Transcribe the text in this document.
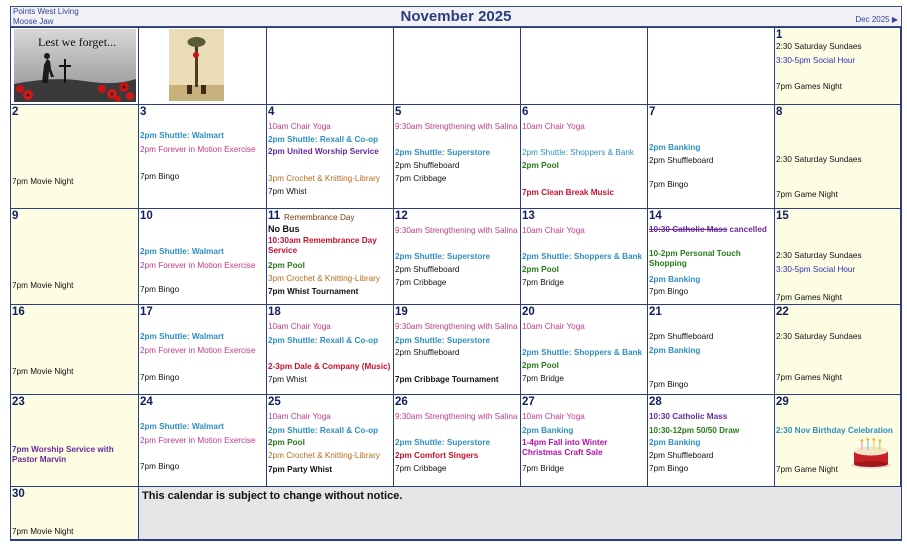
Points West Living
Moose Jaw	November 2025	Dec 2025 ▶
Lest we forget...	1
2:30 Saturday Sundaes
3:30-5pm Social Hour
7pm Games Night
2
7pm Movie Night
3
2pm Shuttle: Walmart
2pm Forever in Motion Exercise
7pm Bingo
4
10am Chair Yoga
2pm Shuttle: Rexall & Co-op
2pm United Worship Service
3pm Crochet & Knitting-Library
7pm Whist
5
9:30am Strengthening with Salina
2pm Shuttle: Superstore
2pm Shuffleboard
7pm Cribbage
6
10am Chair Yoga
2pm Shuttle: Shoppers & Bank
2pm Pool
7pm Clean Break Music
7
2pm Banking
2pm Shuffleboard
7pm Bingo
8
2:30 Saturday Sundaes
7pm Game Night
9
7pm Movie Night
10
2pm Shuttle: Walmart
2pm Forever in Motion Exercise
7pm Bingo
11 Remembrance Day
No Bus
10:30am Remembrance Day Service
2pm Pool
3pm Crochet & Knitting-Library
7pm Whist Tournament
12
9:30am Strengthening with Salina
2pm Shuttle: Superstore
2pm Shuffleboard
7pm Cribbage
13
10am Chair Yoga
2pm Shuttle: Shoppers & Bank
2pm Pool
7pm Bridge
14
10:30 Catholic Mass cancelled
10-2pm Personal Touch Shopping
2pm Banking
7pm Bingo
15
2:30 Saturday Sundaes
3:30-5pm Social Hour
7pm Games Night
16
7pm Movie Night
17
2pm Shuttle: Walmart
2pm Forever in Motion Exercise
7pm Bingo
18
10am Chair Yoga
2pm Shuttle: Rexall & Co-op
2-3pm Dale & Company (Music)
7pm Whist
19
9:30am Strengthening with Salina
2pm Shuttle: Superstore
2pm Shuffleboard
7pm Cribbage Tournament
20
10am Chair Yoga
2pm Shuttle: Shoppers & Bank
2pm Pool
7pm Bridge
21
2pm Shuffleboard
2pm Banking
7pm Bingo
22
2:30 Saturday Sundaes
7pm Games Night
23
7pm Worship Service with Pastor Marvin
24
2pm Shuttle: Walmart
2pm Forever in Motion Exercise
7pm Bingo
25
10am Chair Yoga
2pm Shuttle: Rexall & Co-op
2pm Pool
2pm Crochet & Knitting-Library
7pm Party Whist
26
9:30am Strengthening with Salina
2pm Shuttle: Superstore
2pm Comfort Singers
7pm Cribbage
27
10am Chair Yoga
2pm Banking
1-4pm Fall into Winter Christmas Craft Sale
7pm Bridge
28
10:30 Catholic Mass
10:30-12pm 50/50 Draw
2pm Banking
2pm Shuffleboard
7pm Bingo
29
2:30 Nov Birthday Celebration
7pm Game Night
30
7pm Movie Night
This calendar is subject to change without notice.
